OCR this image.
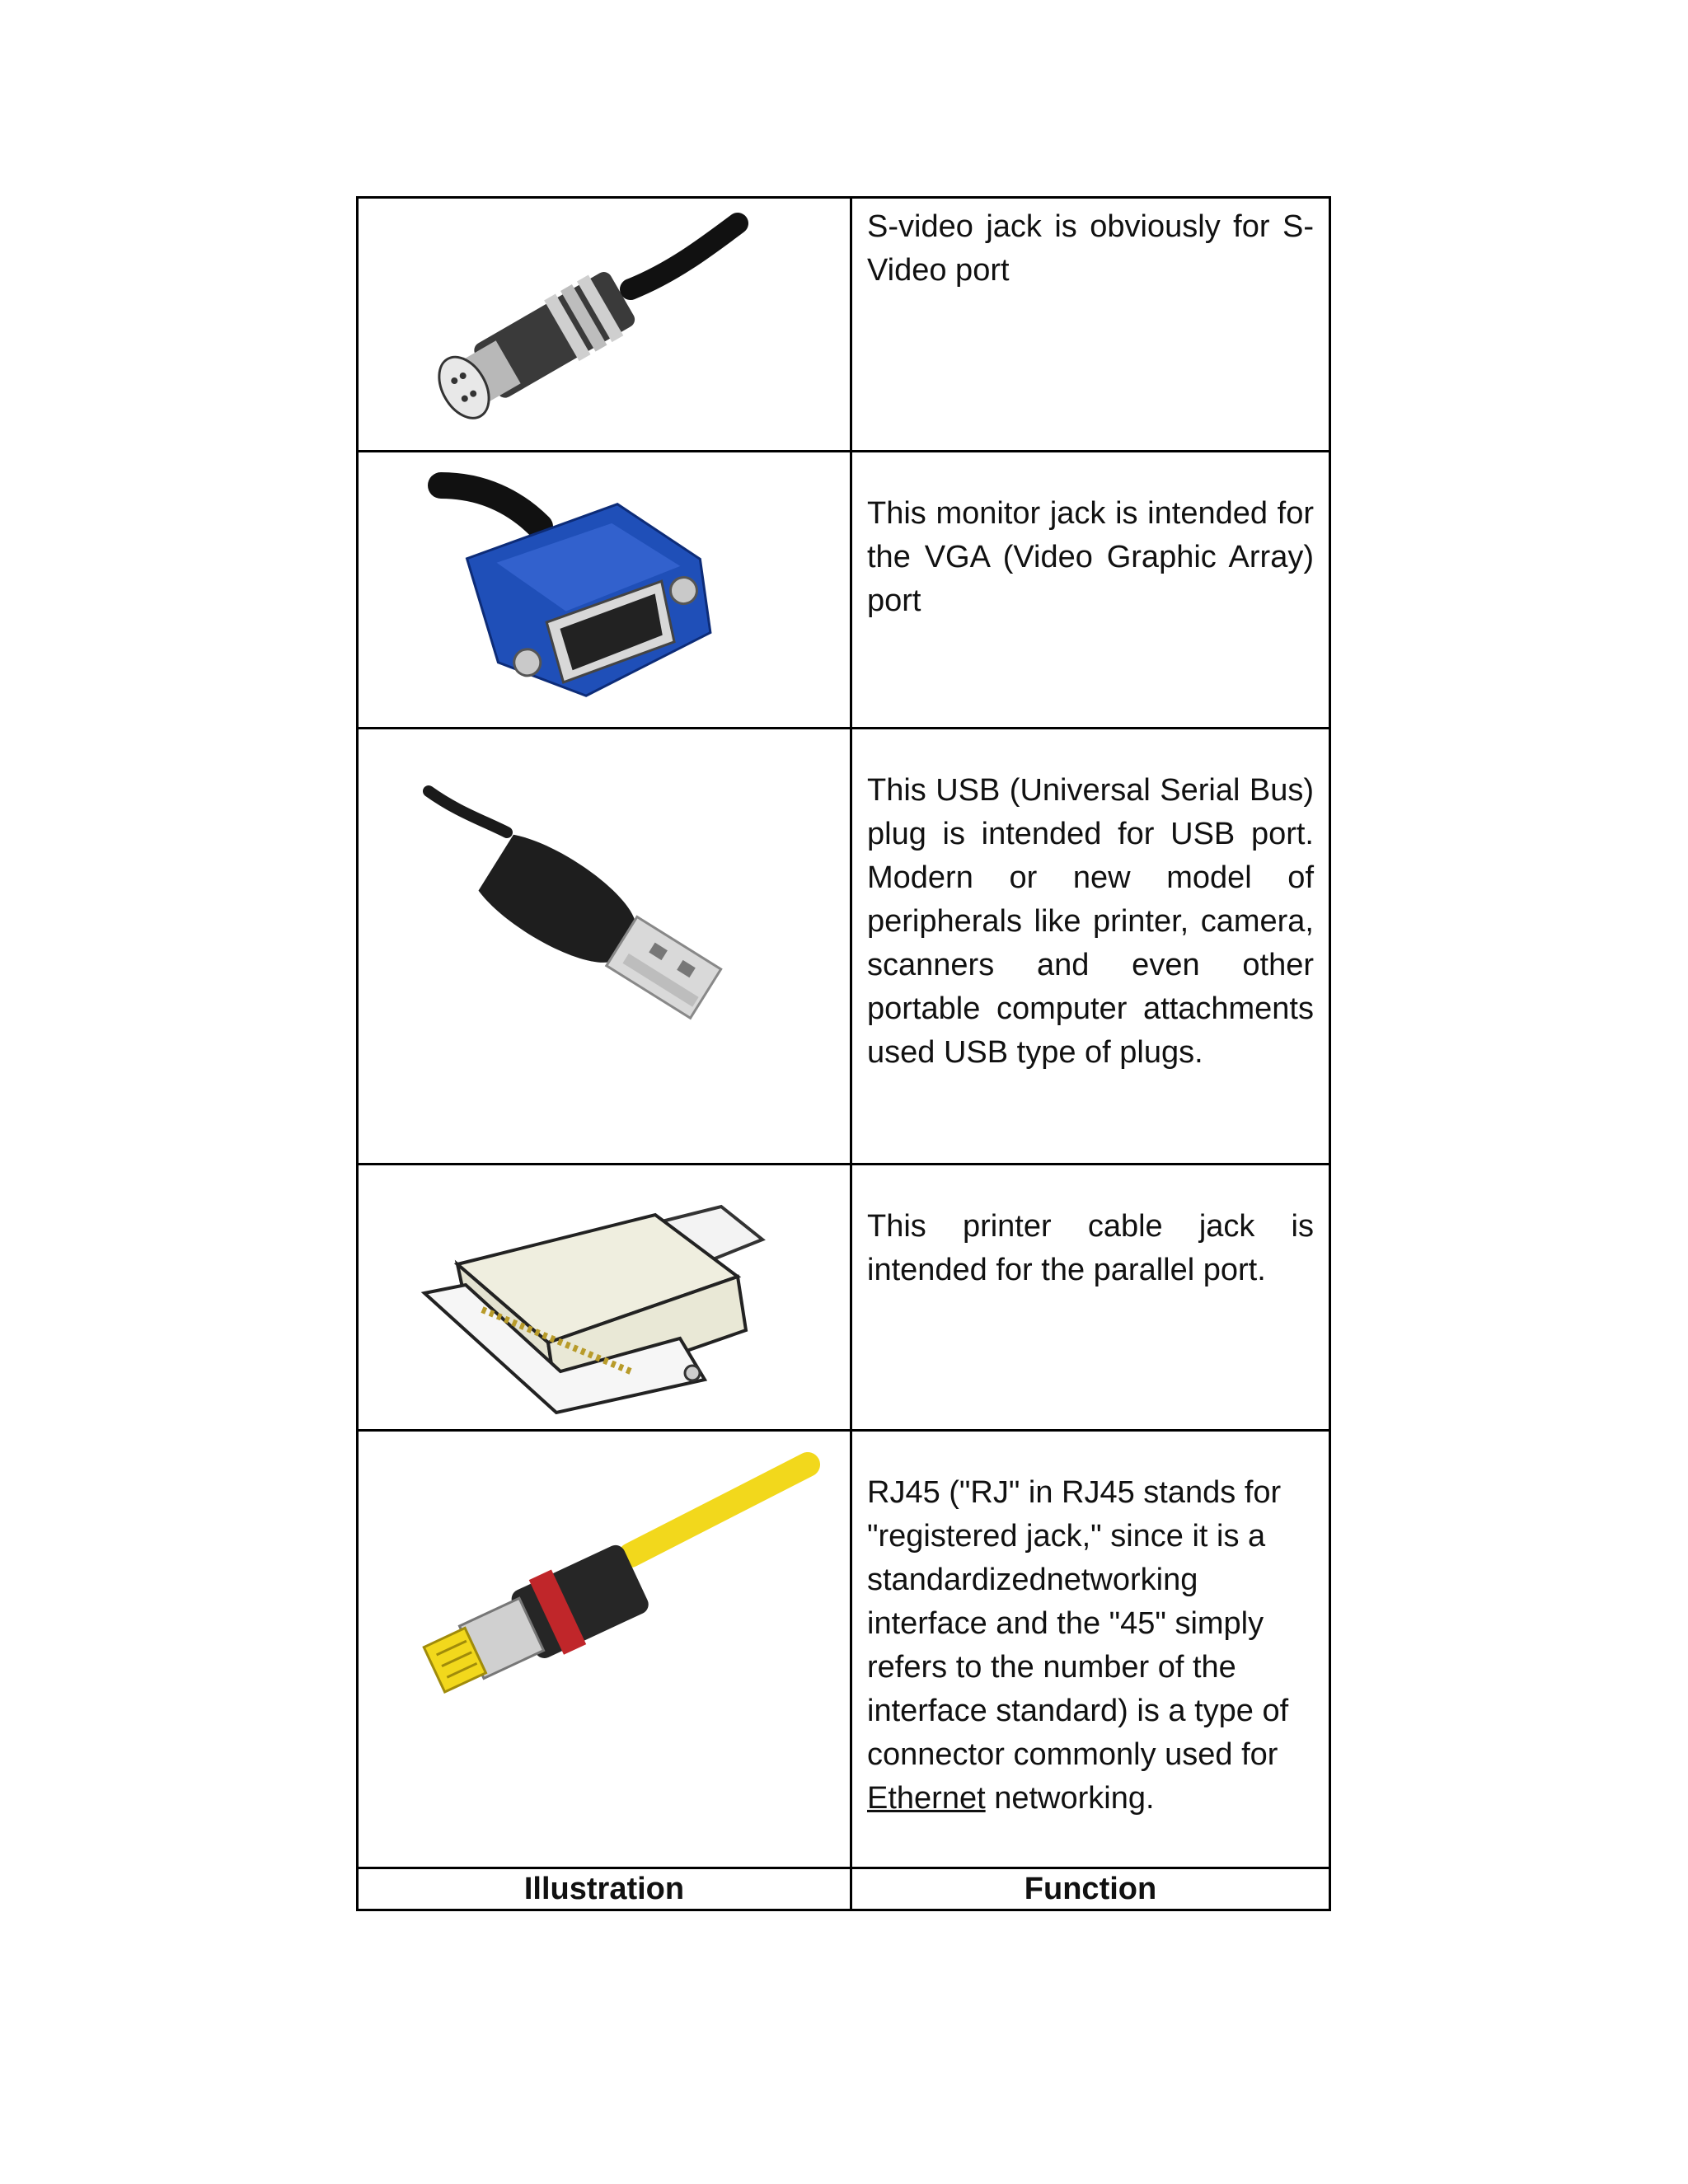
S-video jack is obviously for S-Video port

This monitor jack is intended for the VGA (Video Graphic Array) port

This USB (Universal Serial Bus) plug is intended for USB port. Modern or new model of peripherals like printer, camera, scanners and even other portable computer attachments used USB type of plugs.

This printer cable jack is intended for the parallel port.

RJ45 ("RJ" in RJ45 stands for "registered jack," since it is a standardizednetworking interface and the "45" simply refers to the number of the interface standard) is a type of connector commonly used for Ethernet networking.

Illustration	Function
